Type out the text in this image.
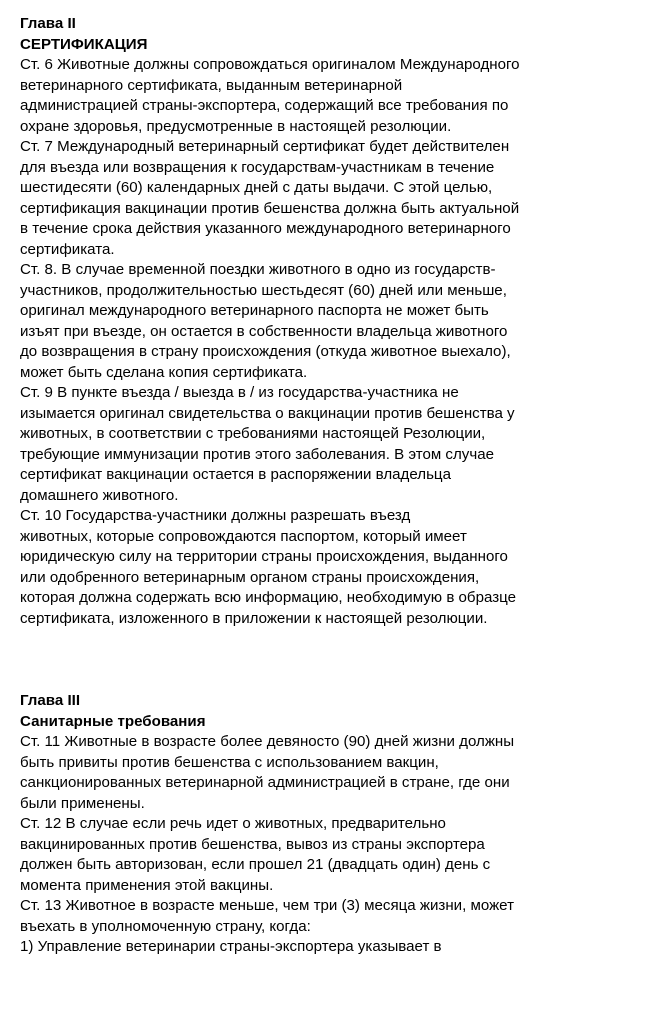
Глава II

СЕРТИФИКАЦИЯ

Ст. 6 Животные должны сопровождаться оригиналом Международного
ветеринарного сертификата, выданным ветеринарной
администрацией страны-экспортера, содержащий все требования по
охране здоровья, предусмотренные в настоящей резолюции.

Ст. 7 Международный ветеринарный сертификат будет действителен
для въезда или возвращения к государствам-участникам в течение
шестидесяти (60) календарных дней с даты выдачи. С этой целью,
сертификация вакцинации против бешенства должна быть актуальной
в течение срока действия указанного международного ветеринарного
сертификата.

Ст. 8. В случае временной поездки животного в одно из государств-
участников, продолжительностью шестьдесят (60) дней или меньше,
оригинал международного ветеринарного паспорта не может быть
изъят при въезде, он остается в собственности владельца животного
до возвращения в страну происхождения (откуда животное выехало),
может быть сделана копия сертификата.

Ст. 9 В пункте въезда / выезда в / из государства-участника не
изымается оригинал свидетельства о вакцинации против бешенства у
животных, в соответствии с требованиями настоящей Резолюции,
требующие иммунизации против этого заболевания. В этом случае
сертификат вакцинации остается в распоряжении владельца
домашнего животного.

Ст. 10 Государства-участники должны разрешать въезд
животных, которые сопровождаются паспортом, который имеет
юридическую силу на территории страны происхождения, выданного
или одобренного ветеринарным органом страны происхождения,
которая должна содержать всю информацию, необходимую в образце
сертификата, изложенного в приложении к настоящей резолюции.

Глава III

Санитарные требования

Ст. 11 Животные в возрасте более девяносто (90) дней жизни должны
быть привиты против бешенства с использованием вакцин,
санкционированных ветеринарной администрацией в стране, где они
были применены.

Ст. 12 В случае если речь идет о животных, предварительно
вакцинированных против бешенства, вывоз из страны экспортера
должен быть авторизован, если прошел 21 (двадцать один) день с
момента применения этой вакцины.

Ст. 13 Животное в возрасте меньше, чем три (3) месяца жизни, может
въехать в уполномоченную страну, когда:
1) Управление ветеринарии страны-экспортера указывает в
